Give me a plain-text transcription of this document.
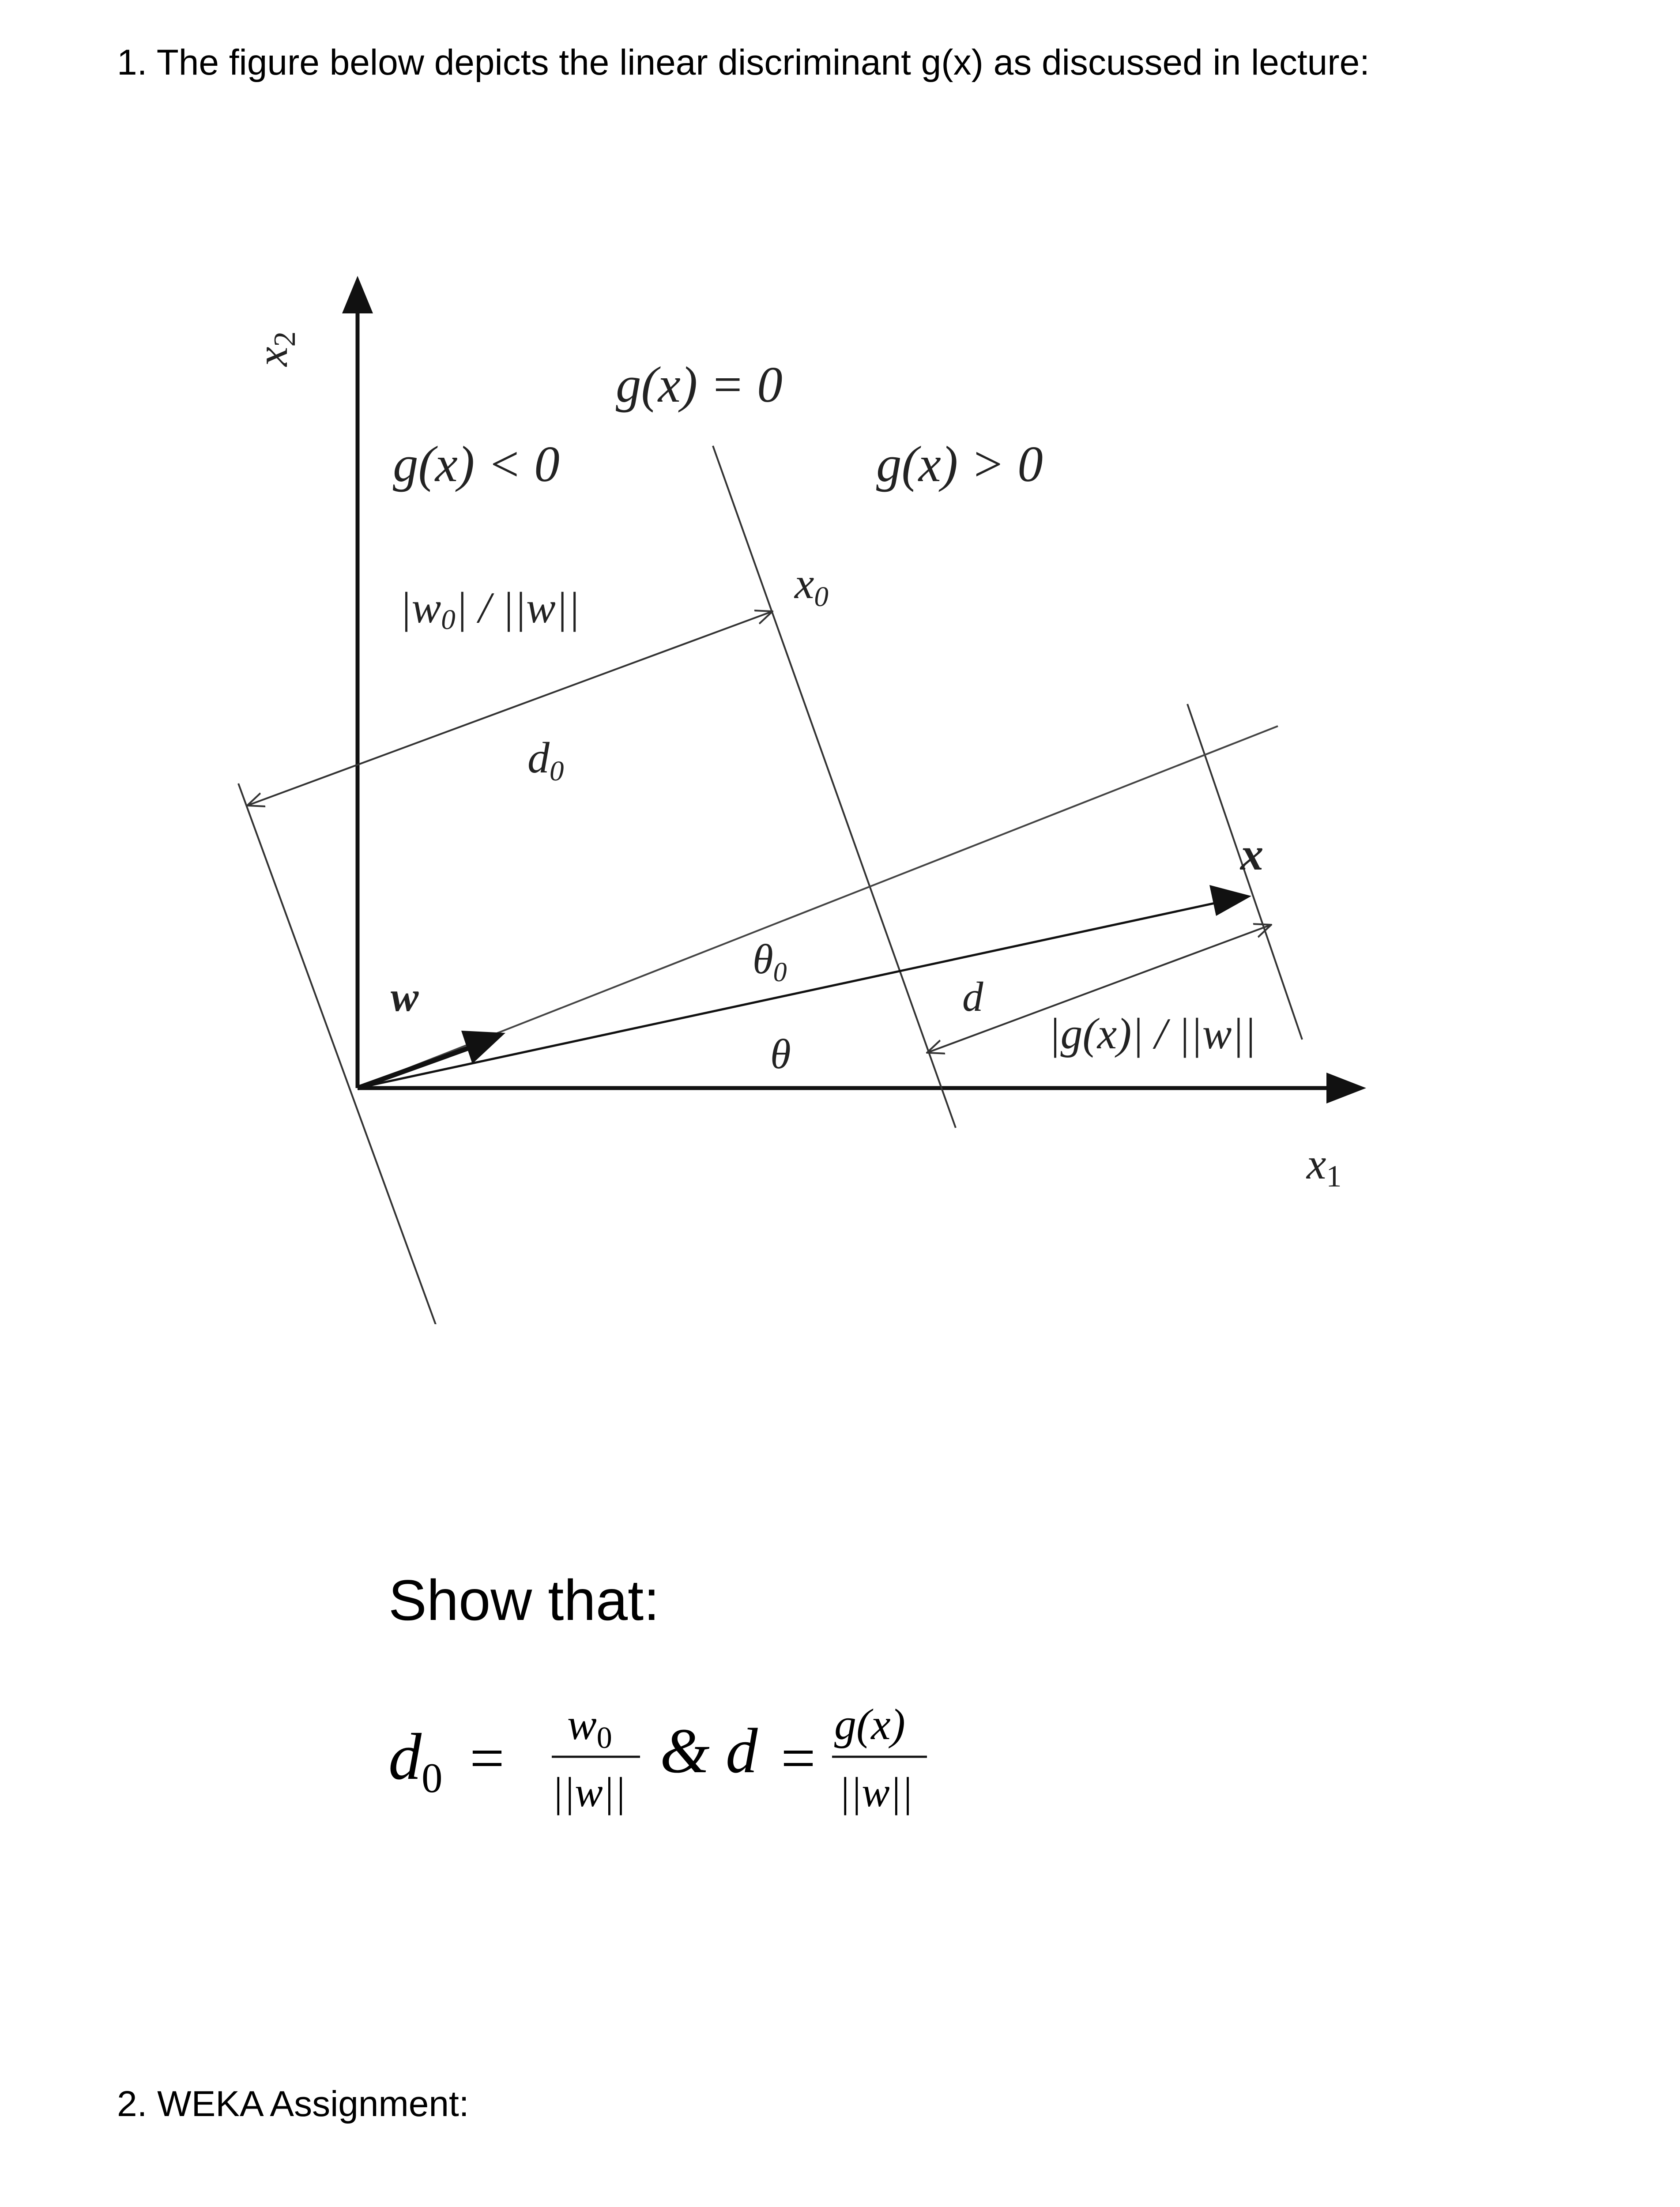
1. The figure below depicts the linear discriminant g(x) as discussed in lecture:
x2
x1
g(x) = 0
g(x) < 0	g(x) > 0
|w0| / ||w||	x0
d0
x
w
θ0
θ
d
|g(x)| / ||w||
Show that:
$d_0 = w_0$
||w||
& d = g(x)
||w||
2. WEKA Assignment:
